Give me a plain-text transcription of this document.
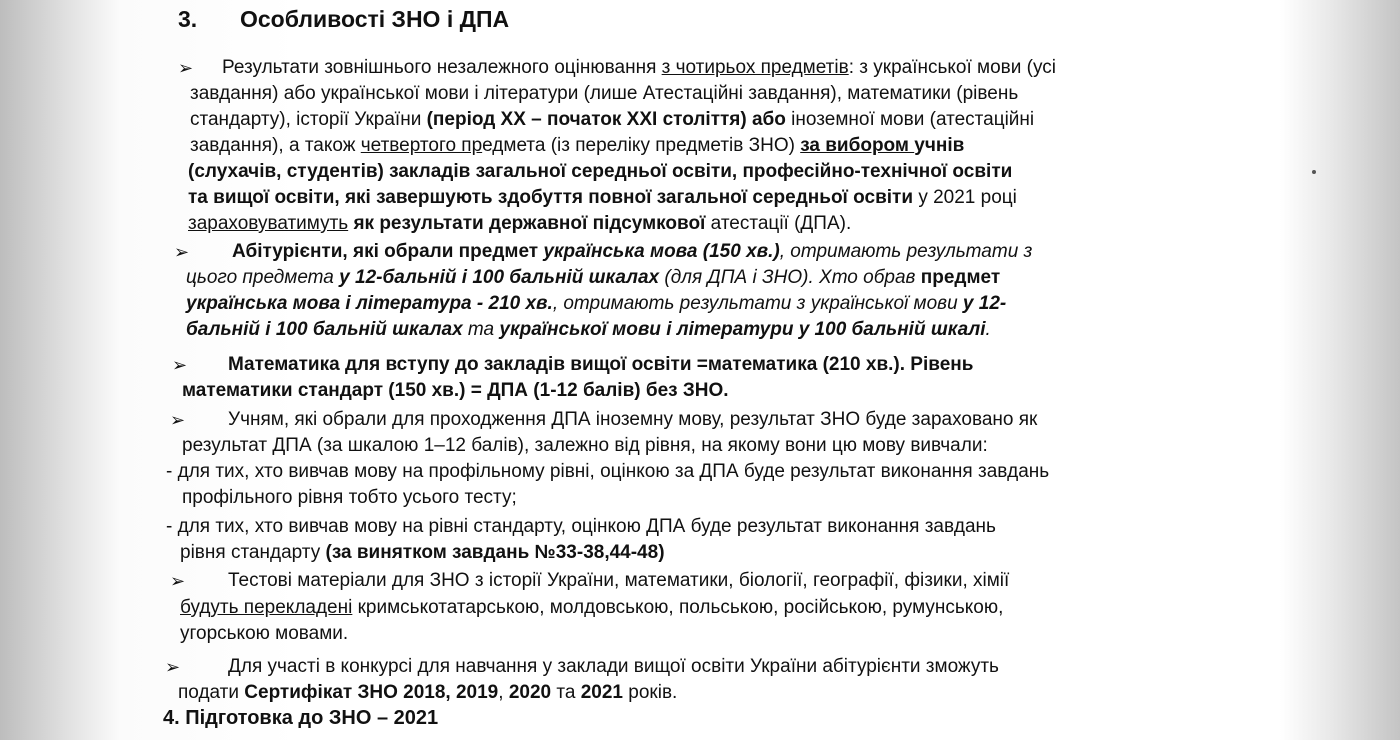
3. Особливості ЗНО і ДПА
➢
➢
➢
➢
➢
➢
Результати зовнішнього незалежного оцінювання з чотирьох предметів: з української мови (усі
завдання) або української мови і літератури (лише Атестаційні завдання), математики (рівень
стандарту), історії України (період XX – початок XXI століття) або іноземної мови (атестаційні
завдання), а також четвертого предмета (із переліку предметів ЗНО) за вибором учнів
(слухачів, студентів) закладів загальної середньої освіти, професійно-технічної освіти
та вищої освіти, які завершують здобуття повної загальної середньої освіти у 2021 році
зараховуватимуть як результати державної підсумкової атестації (ДПА).
Абітурієнти, які обрали предмет українська мова (150 хв.), отримають результати з
цього предмета у 12-бальній і 100 бальній шкалах (для ДПА і ЗНО). Хто обрав предмет
українська мова і література - 210 хв., отримають результати з української мови у 12-
бальній і 100 бальній шкалах та української мови і літератури у 100 бальній шкалі.
Математика для вступу до закладів вищої освіти =математика (210 хв.). Рівень
математики стандарт (150 хв.) = ДПА (1-12 балів) без ЗНО.
Учням, які обрали для проходження ДПА іноземну мову, результат ЗНО буде зараховано як
результат ДПА (за шкалою 1–12 балів), залежно від рівня, на якому вони цю мову вивчали:
- для тих, хто вивчав мову на профільному рівні, оцінкою за ДПА буде результат виконання завдань
профільного рівня тобто усього тесту;
- для тих, хто вивчав мову на рівні стандарту, оцінкою ДПА буде результат виконання завдань
рівня стандарту (за винятком завдань №33-38,44-48)
Тестові матеріали для ЗНО з історії України, математики, біології, географії, фізики, хімії
будуть перекладені кримськотатарською, молдовською, польською, російською, румунською,
угорською мовами.
Для участі в конкурсі для навчання у заклади вищої освіти України абітурієнти зможуть
подати Сертифікат ЗНО 2018, 2019, 2020 та 2021 років.
4. Підготовка до ЗНО – 2021
